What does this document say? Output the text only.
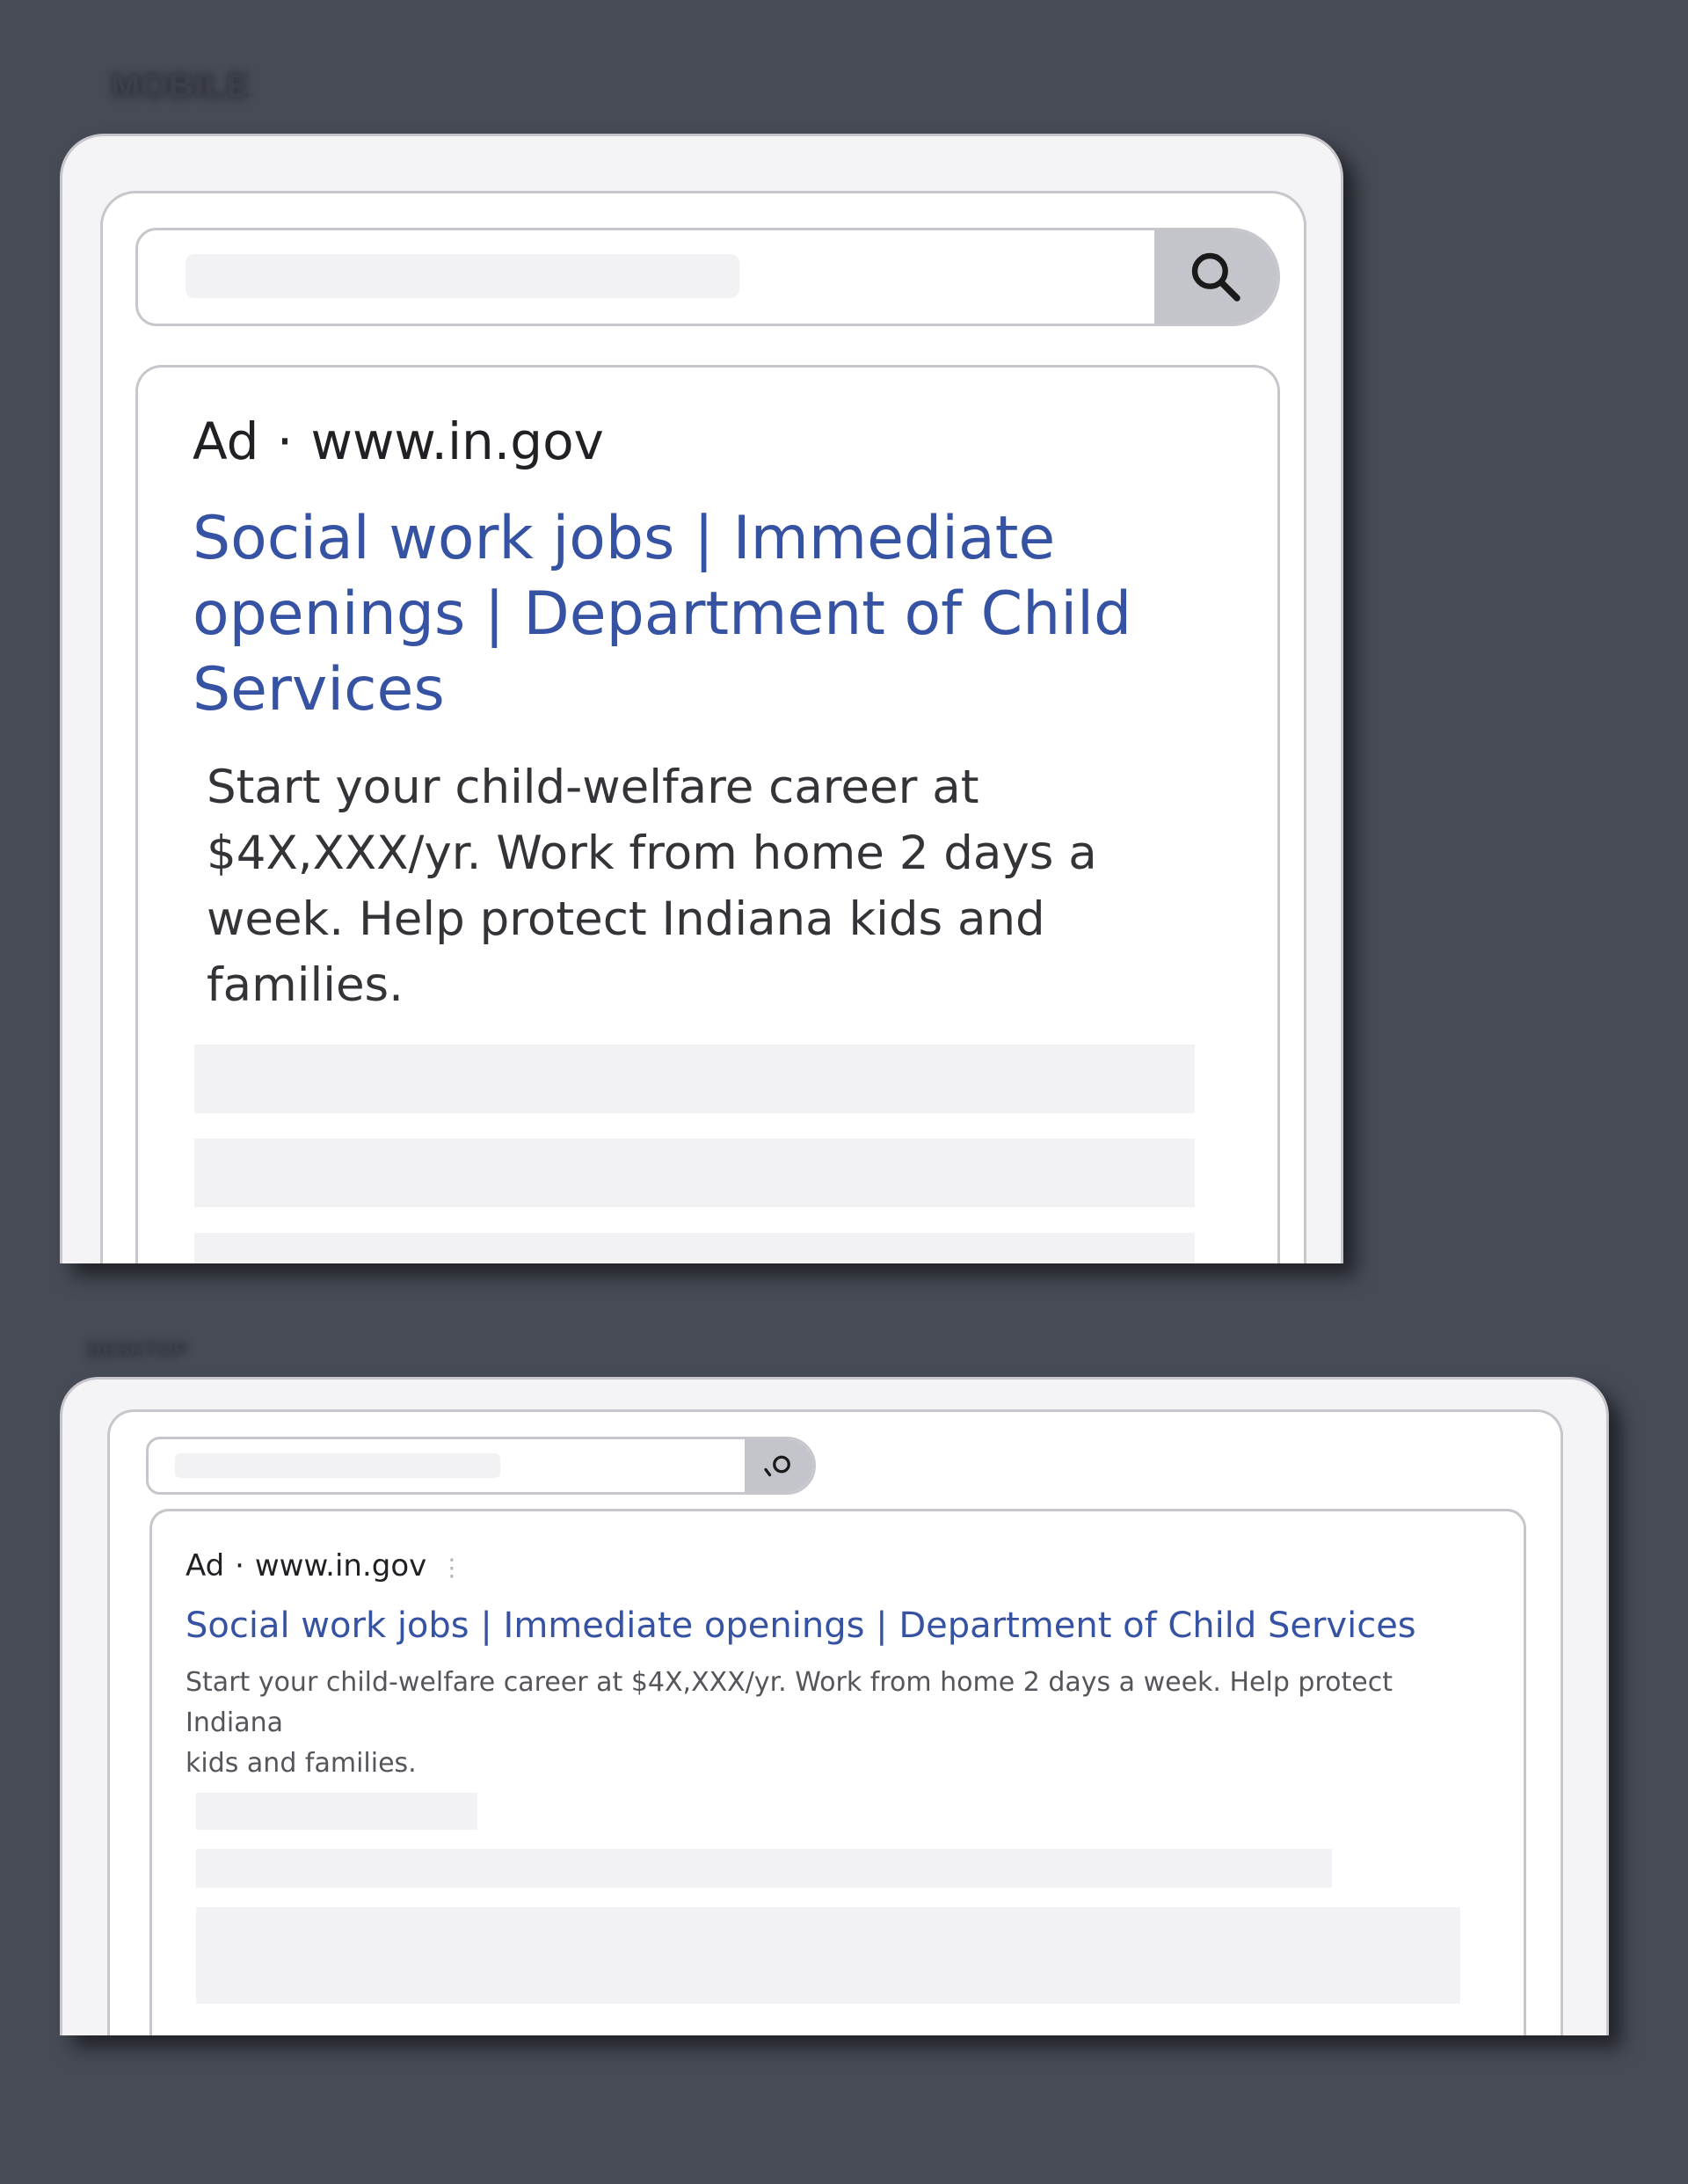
MOBILE
Ad · www.in.gov
Social work jobs | Immediate
openings | Department of Child
Services
Start your child-welfare career at
$4X,XXX/yr. Work from home 2 days a
week. Help protect Indiana kids and
families.
DESKTOP
Ad · www.in.gov ⋮
Social work jobs | Immediate openings | Department of Child Services
Start your child-welfare career at $4X,XXX/yr. Work from home 2 days a week. Help protect Indiana
kids and families.
